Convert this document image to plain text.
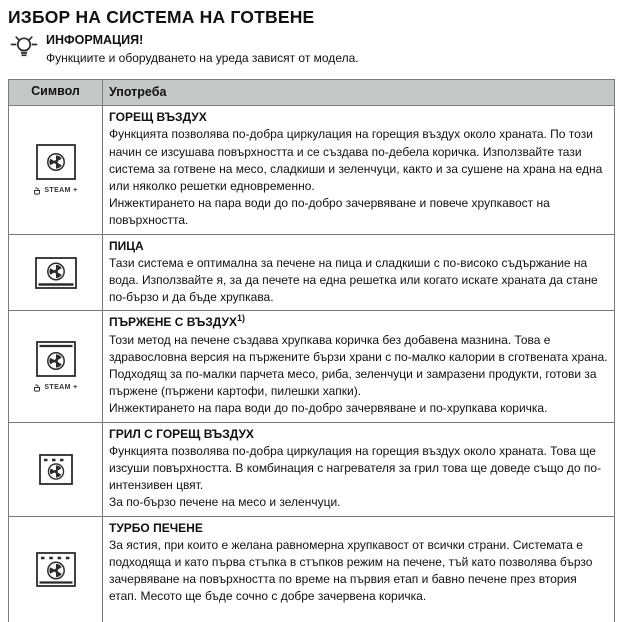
ИЗБОР НА СИСТЕМА НА ГОТВЕНЕ
ИНФОРМАЦИЯ!
Функциите и оборудването на уреда зависят от модела.
Символ	Употреба
STEAM +
ГОРЕЩ ВЪЗДУХ

Функцията позволява по-добра циркулация на горещия въздух около храната. По този начин се изсушава повърхността и се създава по-дебела коричка. Използвайте тази система за готвене на месо, сладкиши и зеленчуци, както и за сушене на храна на една или няколко решетки едновременно.

Инжектирането на пара води до по-добро зачервяване и повече хрупкавост на повърхността.

ПИЦА

Тази система е оптимална за печене на пица и сладкиши с по-високо съдържание на вода. Използвайте я, за да печете на една решетка или когато искате храната да стане по-бързо и да бъде хрупкава.

STEAM +
ПЪРЖЕНЕ С ВЪЗДУХ$^{1)}$

Този метод на печене създава хрупкава коричка без добавена мазнина. Това е здравословна версия на пържените бързи храни с по-малко калории в сготвената храна. Подходящ за по-малки парчета месо, риба, зеленчуци и замразени продукти, готови за пържене (пържени картофи, пилешки хапки).

Инжектирането на пара води до по-добро зачервяване и по-хрупкава коричка.

ГРИЛ С ГОРЕЩ ВЪЗДУХ

Функцията позволява по-добра циркулация на горещия въздух около храната. Това ще изсуши повърхността. В комбинация с нагревателя за грил това ще доведе също до по-интензивен цвят.

За по-бързо печене на месо и зеленчуци.

ТУРБО ПЕЧЕНЕ

За ястия, при които е желана равномерна хрупкавост от всички страни. Системата е подходяща и като първа стъпка в стъпков режим на печене, тъй като позволява бързо зачервяване на повърхността по време на първия етап и бавно печене през втория етап. Месото ще бъде сочно с добре зачервена коричка.
